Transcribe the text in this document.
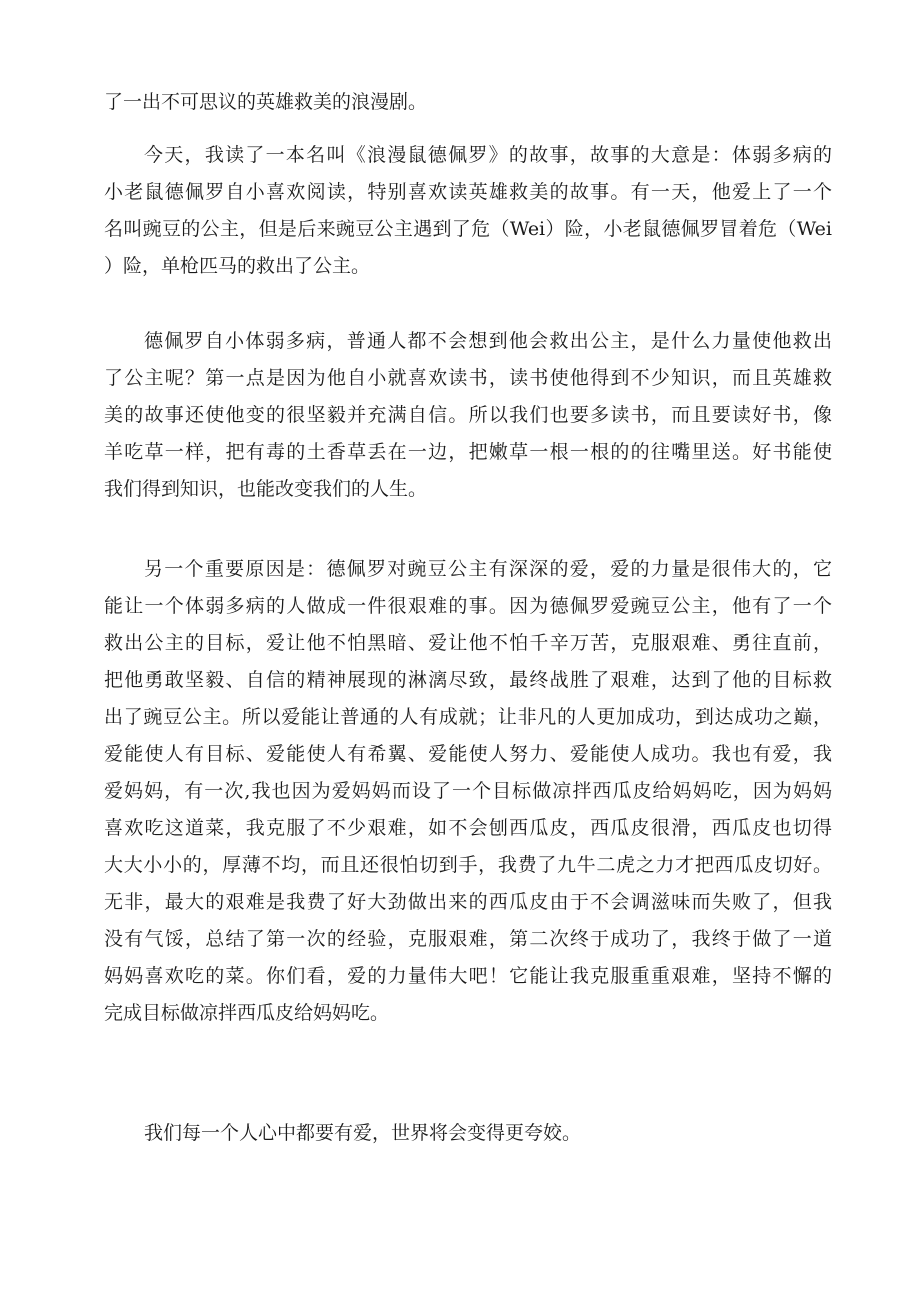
了一出不可思议的英雄救美的浪漫剧。
今天，我读了一本名叫《浪漫鼠德佩罗》的故事，故事的大意是：体弱多病的
小老鼠德佩罗自小喜欢阅读，特别喜欢读英雄救美的故事。有一天，他爱上了一个
名叫豌豆的公主，但是后来豌豆公主遇到了危（Wei）险，小老鼠德佩罗冒着危（Wei
）险，单枪匹马的救出了公主。
德佩罗自小体弱多病，普通人都不会想到他会救出公主，是什么力量使他救出
了公主呢？第一点是因为他自小就喜欢读书，读书使他得到不少知识，而且英雄救
美的故事还使他变的很坚毅并充满自信。所以我们也要多读书，而且要读好书，像
羊吃草一样，把有毒的土香草丢在一边，把嫩草一根一根的的往嘴里送。好书能使
我们得到知识，也能改变我们的人生。
另一个重要原因是：德佩罗对豌豆公主有深深的爱，爱的力量是很伟大的，它
能让一个体弱多病的人做成一件很艰难的事。因为德佩罗爱豌豆公主，他有了一个
救出公主的目标，爱让他不怕黑暗、爱让他不怕千辛万苦，克服艰难、勇往直前，
把他勇敢坚毅、自信的精神展现的淋漓尽致，最终战胜了艰难，达到了他的目标救
出了豌豆公主。所以爱能让普通的人有成就；让非凡的人更加成功，到达成功之巅，
爱能使人有目标、爱能使人有希翼、爱能使人努力、爱能使人成功。我也有爱，我
爱妈妈，有一次,我也因为爱妈妈而设了一个目标做凉拌西瓜皮给妈妈吃，因为妈妈
喜欢吃这道菜，我克服了不少艰难，如不会刨西瓜皮，西瓜皮很滑，西瓜皮也切得
大大小小的，厚薄不均，而且还很怕切到手，我费了九牛二虎之力才把西瓜皮切好。
无非，最大的艰难是我费了好大劲做出来的西瓜皮由于不会调滋味而失败了，但我
没有气馁，总结了第一次的经验，克服艰难，第二次终于成功了，我终于做了一道
妈妈喜欢吃的菜。你们看，爱的力量伟大吧！它能让我克服重重艰难，坚持不懈的
完成目标做凉拌西瓜皮给妈妈吃。
我们每一个人心中都要有爱，世界将会变得更夸姣。
